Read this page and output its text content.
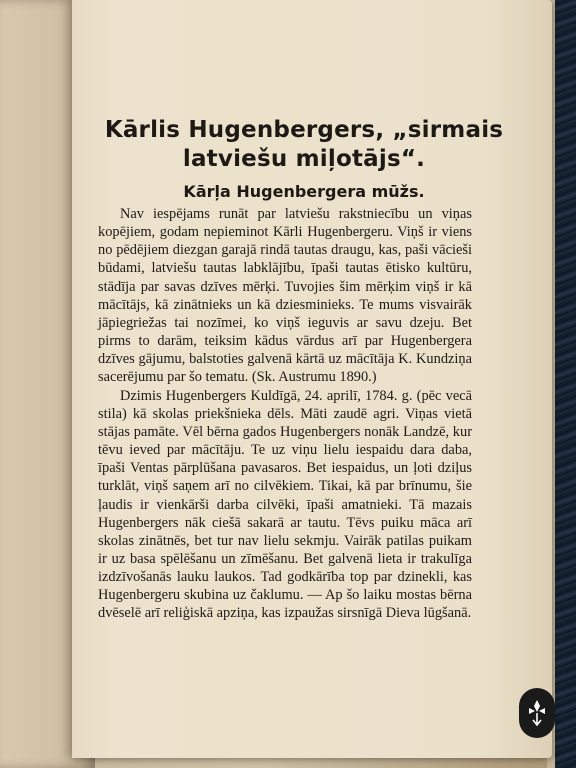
Kārlis Hugenbergers, „sirmais latviešu miļotājs“.
Kārļa Hugenbergera mūžs.

Nav iespējams runāt par latviešu rakstniecību un viņas kopējiem, godam nepieminot Kārli Hugenbergeru. Viņš ir viens no pēdējiem diezgan garajā rindā tautas draugu, kas, paši vācieši būdami, latviešu tautas labklājību, īpaši tautas ētisko kultūru, stādīja par savas dzīves mērķi. Tuvojies šim mērķim viņš ir kā mācītājs, kā zinātnieks un kā dziesminieks. Te mums visvairāk jāpiegriežas tai nozīmei, ko viņš ieguvis ar savu dzeju. Bet pirms to darām, teiksim kādus vārdus arī par Hugenbergera dzīves gājumu, balstoties galvenā kārtā uz mācītāja K. Kundziņa sacerējumu par šo tematu. (Sk. Austrumu 1890.)

Dzimis Hugenbergers Kuldīgā, 24. aprilī, 1784. g. (pēc vecā stila) kā skolas priekšnieka dēls. Māti zaudē agri. Viņas vietā stājas pamāte. Vēl bērna gados Hugenbergers nonāk Landzē, kur tēvu ieved par mācītāju. Te uz viņu lielu iespaidu dara daba, īpaši Ventas pārplūšana pavasaros. Bet iespaidus, un ļoti dziļus turklāt, viņš saņem arī no cilvēkiem. Tikai, kā par brīnumu, šie ļaudis ir vienkārši darba cilvēki, īpaši amatnieki. Tā mazais Hugenbergers nāk ciešā sakarā ar tautu. Tēvs puiku māca arī skolas zinātnēs, bet tur nav lielu sekmju. Vairāk patilas puikam ir uz basa spēlēšanu un zīmēšanu. Bet galvenā lieta ir trakulīga izdzīvošanās lauku laukos. Tad godkārība top par dzinekli, kas Hugenbergeru skubina uz čaklumu. — Ap šo laiku mostas bērna dvēselē arī reliģiskā apziņa, kas izpaužas sirsnīgā Dieva lūgšanā.
